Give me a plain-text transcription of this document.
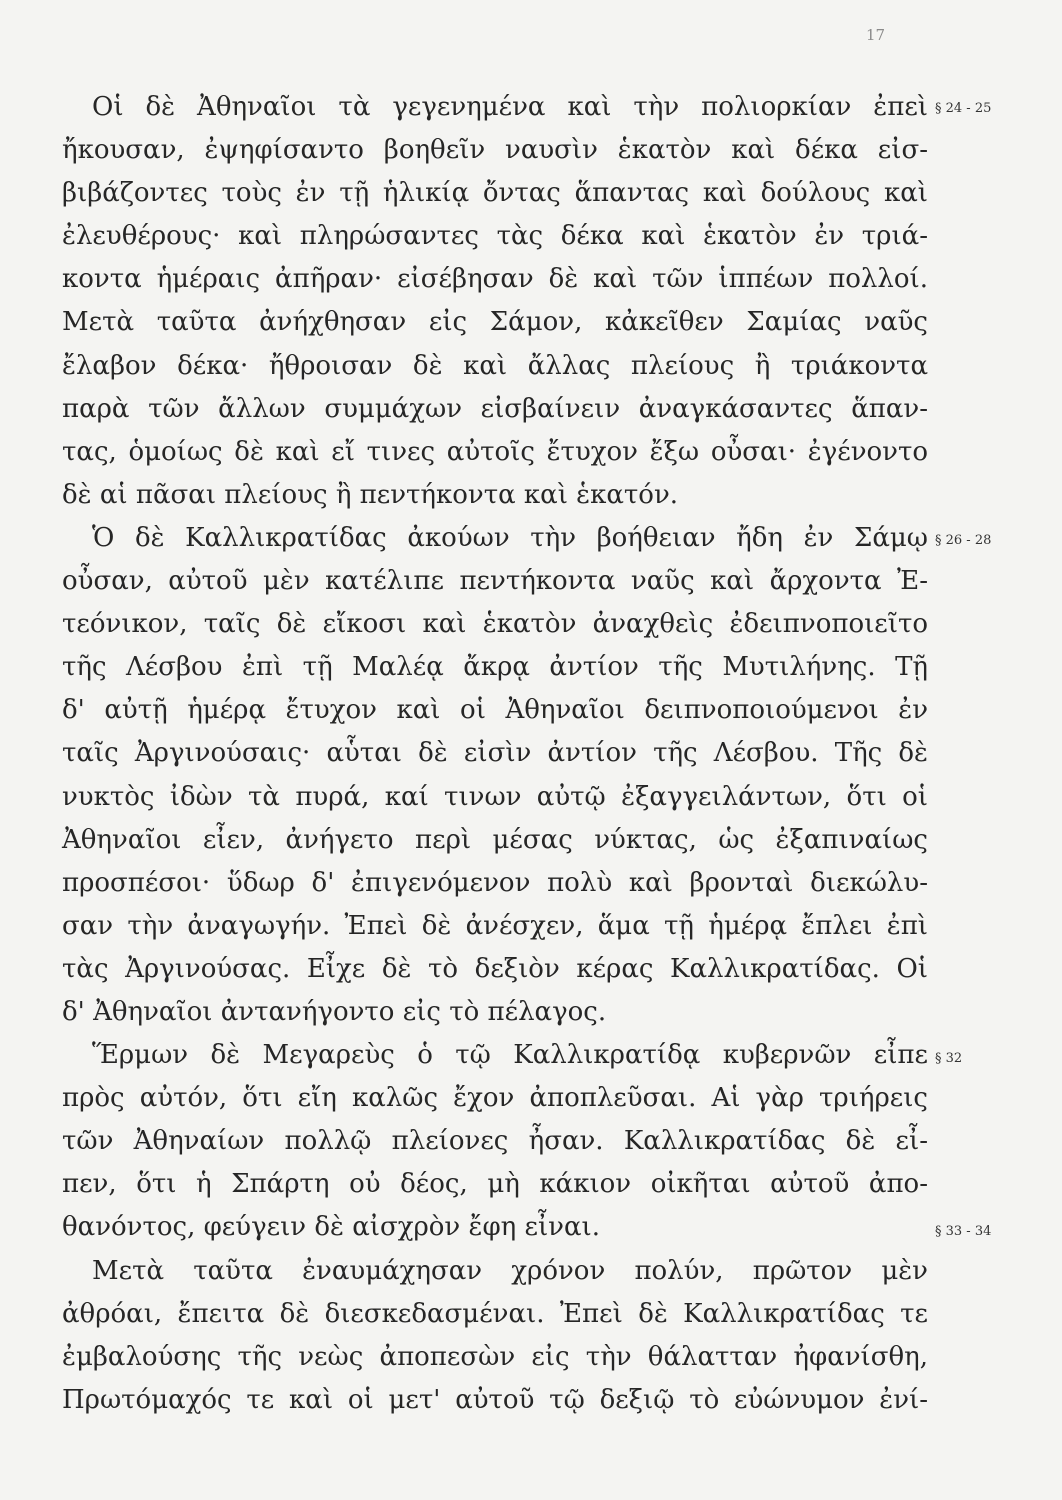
17
Οἱ δὲ Ἀθηναῖοι τὰ γεγενημένα καὶ τὴν πολιορκίαν ἐπεὶ
ἤκουσαν, ἐψηφίσαντο βοηθεῖν ναυσὶν ἑκατὸν καὶ δέκα εἰσ-
βιβάζοντες τοὺς ἐν τῇ ἡλικίᾳ ὄντας ἅπαντας καὶ δούλους καὶ
ἐλευθέρους· καὶ πληρώσαντες τὰς δέκα καὶ ἑκατὸν ἐν τριά-
κοντα ἡμέραις ἀπῆραν· εἰσέβησαν δὲ καὶ τῶν ἱππέων πολλοί.
Μετὰ ταῦτα ἀνήχθησαν εἰς Σάμον, κἀκεῖθεν Σαμίας ναῦς
ἔλαβον δέκα· ἤθροισαν δὲ καὶ ἄλλας πλείους ἢ τριάκοντα
παρὰ τῶν ἄλλων συμμάχων εἰσβαίνειν ἀναγκάσαντες ἅπαν-
τας, ὁμοίως δὲ καὶ εἴ τινες αὐτοῖς ἔτυχον ἔξω οὖσαι· ἐγένοντο
δὲ αἱ πᾶσαι πλείους ἢ πεντήκοντα καὶ ἑκατόν.
Ὁ δὲ Καλλικρατίδας ἀκούων τὴν βοήθειαν ἤδη ἐν Σάμῳ
οὖσαν, αὐτοῦ μὲν κατέλιπε πεντήκοντα ναῦς καὶ ἄρχοντα Ἐ-
τεόνικον, ταῖς δὲ εἴκοσι καὶ ἑκατὸν ἀναχθεὶς ἐδειπνοποιεῖτο
τῆς Λέσβου ἐπὶ τῇ Μαλέᾳ ἄκρᾳ ἀντίον τῆς Μυτιλήνης. Τῇ
δ' αὐτῇ ἡμέρᾳ ἔτυχον καὶ οἱ Ἀθηναῖοι δειπνοποιούμενοι ἐν
ταῖς Ἀργινούσαις· αὗται δὲ εἰσὶν ἀντίον τῆς Λέσβου. Τῆς δὲ
νυκτὸς ἰδὼν τὰ πυρά, καί τινων αὐτῷ ἐξαγγειλάντων, ὅτι οἱ
Ἀθηναῖοι εἶεν, ἀνήγετο περὶ μέσας νύκτας, ὡς ἐξαπιναίως
προσπέσοι· ὕδωρ δ' ἐπιγενόμενον πολὺ καὶ βρονταὶ διεκώλυ-
σαν τὴν ἀναγωγήν. Ἐπεὶ δὲ ἀνέσχεν, ἅμα τῇ ἡμέρᾳ ἔπλει ἐπὶ
τὰς Ἀργινούσας. Εἶχε δὲ τὸ δεξιὸν κέρας Καλλικρατίδας. Οἱ
δ' Ἀθηναῖοι ἀντανήγοντο εἰς τὸ πέλαγος.
Ἕρμων δὲ Μεγαρεὺς ὁ τῷ Καλλικρατίδᾳ κυβερνῶν εἶπε
πρὸς αὐτόν, ὅτι εἴη καλῶς ἔχον ἀποπλεῦσαι. Αἱ γὰρ τριήρεις
τῶν Ἀθηναίων πολλῷ πλείονες ἦσαν. Καλλικρατίδας δὲ εἶ-
πεν, ὅτι ἡ Σπάρτη οὐ δέος, μὴ κάκιον οἰκῆται αὐτοῦ ἀπο-
θανόντος, φεύγειν δὲ αἰσχρὸν ἔφη εἶναι.
Μετὰ ταῦτα ἐναυμάχησαν χρόνον πολύν, πρῶτον μὲν
ἀθρόαι, ἔπειτα δὲ διεσκεδασμέναι. Ἐπεὶ δὲ Καλλικρατίδας τε
ἐμβαλούσης τῆς νεὼς ἀποπεσὼν εἰς τὴν θάλατταν ἠφανίσθη,
Πρωτόμαχός τε καὶ οἱ μετ' αὐτοῦ τῷ δεξιῷ τὸ εὐώνυμον ἐνί-
§ 24 - 25
§ 26 - 28
§ 32
§ 33 - 34
